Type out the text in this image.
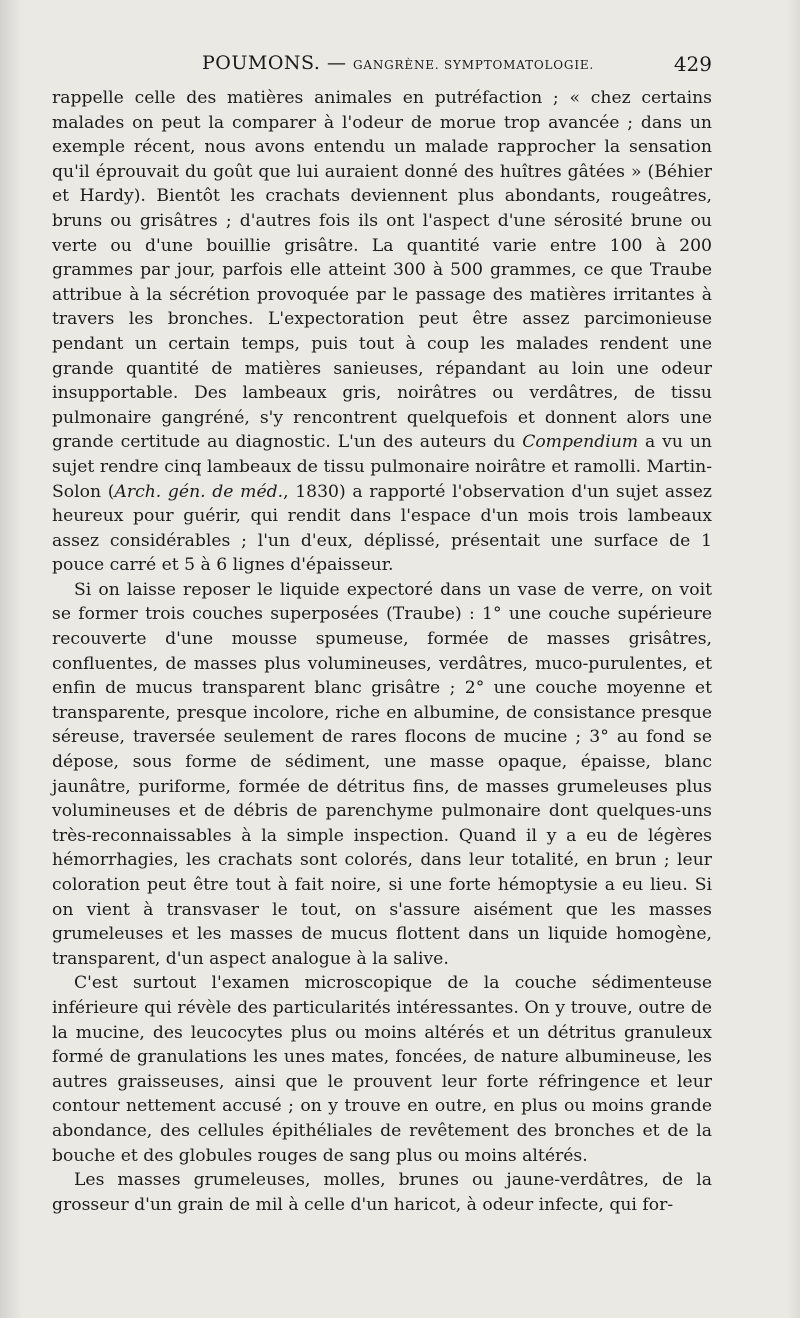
POUMONS. — GANGRÈNE. SYMPTOMATOLOGIE.	429

rappelle celle des matières animales en putréfaction ; « chez certains malades on peut la comparer à l'odeur de morue trop avancée ; dans un exemple récent, nous avons entendu un malade rapprocher la sensation qu'il éprouvait du goût que lui auraient donné des huîtres gâtées » (Béhier et Hardy). Bientôt les crachats deviennent plus abondants, rougeâtres, bruns ou grisâtres ; d'autres fois ils ont l'aspect d'une sérosité brune ou verte ou d'une bouillie grisâtre. La quantité varie entre 100 à 200 grammes par jour, parfois elle atteint 300 à 500 grammes, ce que Traube attribue à la sécrétion provoquée par le passage des matières irritantes à travers les bronches. L'expectoration peut être assez parcimonieuse pendant un certain temps, puis tout à coup les malades rendent une grande quantité de matières sanieuses, répandant au loin une odeur insupportable. Des lambeaux gris, noirâtres ou verdâtres, de tissu pulmonaire gangréné, s'y rencontrent quelquefois et donnent alors une grande certitude au diagnostic. L'un des auteurs du Compendium a vu un sujet rendre cinq lambeaux de tissu pulmonaire noirâtre et ramolli. Martin-Solon (Arch. gén. de méd., 1830) a rapporté l'observation d'un sujet assez heureux pour guérir, qui rendit dans l'espace d'un mois trois lambeaux assez considérables ; l'un d'eux, déplissé, présentait une surface de 1 pouce carré et 5 à 6 lignes d'épaisseur.

Si on laisse reposer le liquide expectoré dans un vase de verre, on voit se former trois couches superposées (Traube) : 1° une couche supérieure recouverte d'une mousse spumeuse, formée de masses grisâtres, confluentes, de masses plus volumineuses, verdâtres, muco-purulentes, et enfin de mucus transparent blanc grisâtre ; 2° une couche moyenne et transparente, presque incolore, riche en albumine, de consistance presque séreuse, traversée seulement de rares flocons de mucine ; 3° au fond se dépose, sous forme de sédiment, une masse opaque, épaisse, blanc jaunâtre, puriforme, formée de détritus fins, de masses grumeleuses plus volumineuses et de débris de parenchyme pulmonaire dont quelques-uns très-reconnaissables à la simple inspection. Quand il y a eu de légères hémorrhagies, les crachats sont colorés, dans leur totalité, en brun ; leur coloration peut être tout à fait noire, si une forte hémoptysie a eu lieu. Si on vient à transvaser le tout, on s'assure aisément que les masses grumeleuses et les masses de mucus flottent dans un liquide homogène, transparent, d'un aspect analogue à la salive.

C'est surtout l'examen microscopique de la couche sédimenteuse inférieure qui révèle des particularités intéressantes. On y trouve, outre de la mucine, des leucocytes plus ou moins altérés et un détritus granuleux formé de granulations les unes mates, foncées, de nature albumineuse, les autres graisseuses, ainsi que le prouvent leur forte réfringence et leur contour nettement accusé ; on y trouve en outre, en plus ou moins grande abondance, des cellules épithéliales de revêtement des bronches et de la bouche et des globules rouges de sang plus ou moins altérés.

Les masses grumeleuses, molles, brunes ou jaune-verdâtres, de la grosseur d'un grain de mil à celle d'un haricot, à odeur infecte, qui for-
